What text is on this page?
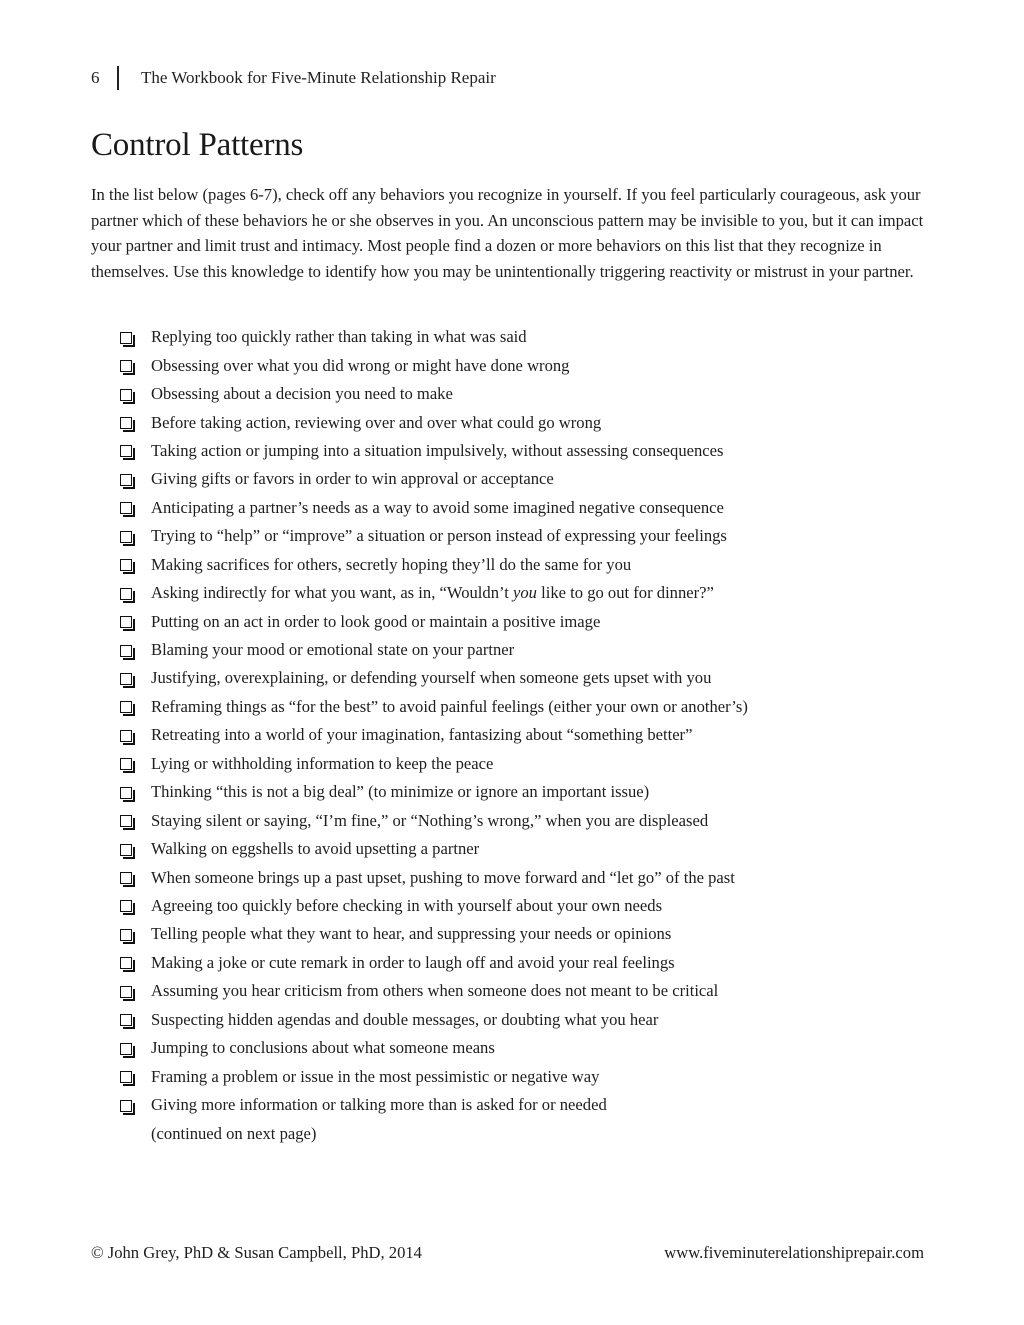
6	The Workbook for Five-Minute Relationship Repair
Control Patterns

In the list below (pages 6-7), check off any behaviors you recognize in yourself. If you feel particularly courageous, ask your partner which of these behaviors he or she observes in you. An unconscious pattern may be invisible to you, but it can impact your partner and limit trust and intimacy. Most people find a dozen or more behaviors on this list that they recognize in themselves. Use this knowledge to identify how you may be unintentionally triggering reactivity or mistrust in your partner.

Replying too quickly rather than taking in what was said
Obsessing over what you did wrong or might have done wrong
Obsessing about a decision you need to make
Before taking action, reviewing over and over what could go wrong
Taking action or jumping into a situation impulsively, without assessing consequences
Giving gifts or favors in order to win approval or acceptance
Anticipating a partner’s needs as a way to avoid some imagined negative consequence
Trying to “help” or “improve” a situation or person instead of expressing your feelings
Making sacrifices for others, secretly hoping they’ll do the same for you
Asking indirectly for what you want, as in, “Wouldn’t you like to go out for dinner?”
Putting on an act in order to look good or maintain a positive image
Blaming your mood or emotional state on your partner
Justifying, overexplaining, or defending yourself when someone gets upset with you
Reframing things as “for the best” to avoid painful feelings (either your own or another’s)
Retreating into a world of your imagination, fantasizing about “something better”
Lying or withholding information to keep the peace
Thinking “this is not a big deal” (to minimize or ignore an important issue)
Staying silent or saying, “I’m fine,” or “Nothing’s wrong,” when you are displeased
Walking on eggshells to avoid upsetting a partner
When someone brings up a past upset, pushing to move forward and “let go” of the past
Agreeing too quickly before checking in with yourself about your own needs
Telling people what they want to hear, and suppressing your needs or opinions
Making a joke or cute remark in order to laugh off and avoid your real feelings
Assuming you hear criticism from others when someone does not meant to be critical
Suspecting hidden agendas and double messages, or doubting what you hear
Jumping to conclusions about what someone means
Framing a problem or issue in the most pessimistic or negative way
Giving more information or talking more than is asked for or needed
(continued on next page)
© John Grey, PhD & Susan Campbell, PhD, 2014	www.fiveminuterelationshiprepair.com
